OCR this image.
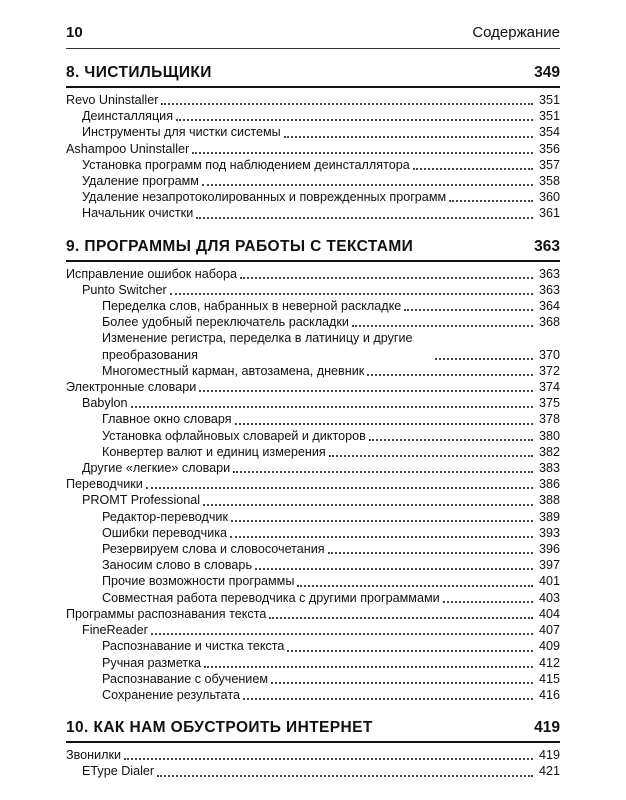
10	Содержание
8. ЧИСТИЛЬЩИКИ	349
Revo Uninstaller	351
Деинсталляция	351
Инструменты для чистки системы	354
Ashampoo Uninstaller	356
Установка программ под наблюдением деинсталлятора	357
Удаление программ	358
Удаление незапротоколированных и поврежденных программ	360
Начальник очистки	361
9. ПРОГРАММЫ ДЛЯ РАБОТЫ С ТЕКСТАМИ	363
Исправление ошибок набора	363
Punto Switcher	363
Переделка слов, набранных в неверной раскладке	364
Более удобный переключатель раскладки	368
Изменение регистра, переделка в латиницу и другие преобразования	370
Многоместный карман, автозамена, дневник	372
Электронные словари	374
Babylon	375
Главное окно словаря	378
Установка офлайновых словарей и дикторов	380
Конвертер валют и единиц измерения	382
Другие «легкие» словари	383
Переводчики	386
PROMT Professional	388
Редактор-переводчик	389
Ошибки переводчика	393
Резервируем слова и словосочетания	396
Заносим слово в словарь	397
Прочие возможности программы	401
Совместная работа переводчика с другими программами	403
Программы распознавания текста	404
FineReader	407
Распознавание и чистка текста	409
Ручная разметка	412
Распознавание с обучением	415
Сохранение результата	416
10. КАК НАМ ОБУСТРОИТЬ ИНТЕРНЕТ	419
Звонилки	419
EType Dialer	421
